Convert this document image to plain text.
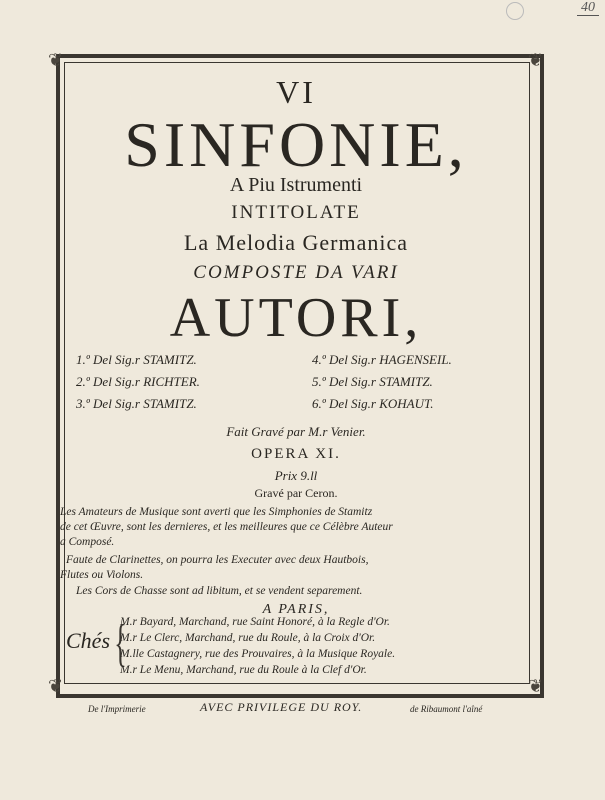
40
❦	❦
❦	❦
VI
SINFONIE,
A Piu Istrumenti
INTITOLATE
La Melodia Germanica
COMPOSTE DA VARI
AUTORI,
1.º Del Sig.r STAMITZ.	4.º Del Sig.r HAGENSEIL.
2.º Del Sig.r RICHTER.	5.º Del Sig.r STAMITZ.
3.º Del Sig.r STAMITZ.	6.º Del Sig.r KOHAUT.
Fait Gravé par M.r Venier.
OPERA XI.
Prix 9.ll
Gravé par Ceron.
Les Amateurs de Musique sont averti que les Simphonies de Stamitz
de cet Œuvre, sont les dernieres, et les meilleures que ce Célèbre Auteur
a Composé.
Faute de Clarinettes, on pourra les Executer avec deux Hautbois,
Flutes ou Violons.
Les Cors de Chasse sont ad libitum, et se vendent separement.
A PARIS,
{
Chés
M.r Bayard, Marchand, rue Saint Honoré, à la Regle d'Or.
M.r Le Clerc, Marchand, rue du Roule, à la Croix d'Or.
M.lle Castagnery, rue des Prouvaires, à la Musique Royale.
M.r Le Menu, Marchand, rue du Roule à la Clef d'Or.
De l'Imprimerie	AVEC PRIVILEGE DU ROY.	de Ribaumont l'aîné
